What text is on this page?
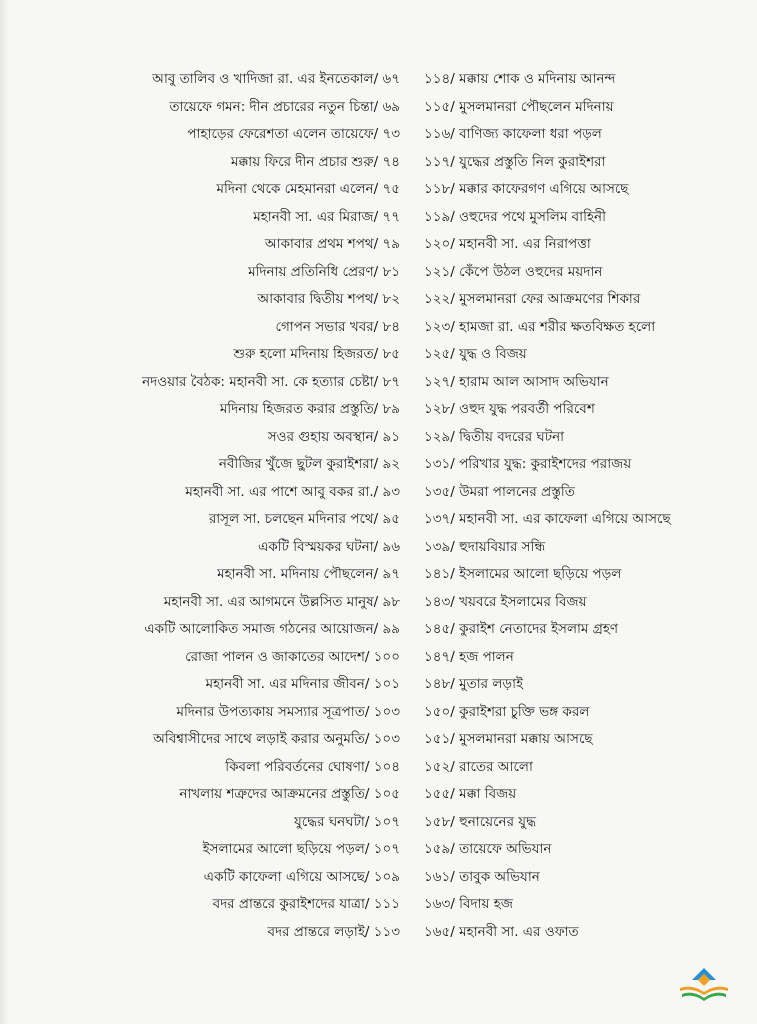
আবু তালিব ও খাদিজা রা. এর ইনতেকাল/ ৬৭
তায়েফে গমন: দীন প্রচারের নতুন চিন্তা/ ৬৯
পাহাড়ের ফেরেশতা এলেন তায়েফে/ ৭৩
মক্কায় ফিরে দীন প্রচার শুরু/ ৭৪
মদিনা থেকে মেহমানরা এলেন/ ৭৫
মহানবী সা. এর মিরাজ/ ৭৭
আকাবার প্রথম শপথ/ ৭৯
মদিনায় প্রতিনিধি প্রেরণ/ ৮১
আকাবার দ্বিতীয় শপথ/ ৮২
গোপন সভার খবর/ ৮৪
শুরু হলো মদিনায় হিজরত/ ৮৫
নদওয়ার বৈঠক: মহানবী সা. কে হত্যার চেষ্টা/ ৮৭
মদিনায় হিজরত করার প্রস্তুতি/ ৮৯
সওর গুহায় অবস্থান/ ৯১
নবীজির খুঁজে ছুটল কুরাইশরা/ ৯২
মহানবী সা. এর পাশে আবু বকর রা./ ৯৩
রাসূল সা. চলছেন মদিনার পথে/ ৯৫
একটি বিস্ময়কর ঘটনা/ ৯৬
মহানবী সা. মদিনায় পৌছলেন/ ৯৭
মহানবী সা. এর আগমনে উল্লসিত মানুষ/ ৯৮
একটি আলোকিত সমাজ গঠনের আয়োজন/ ৯৯
রোজা পালন ও জাকাতের আদেশ/ ১০০
মহানবী সা. এর মদিনার জীবন/ ১০১
মদিনার উপত্যকায় সমস্যার সূত্রপাত/ ১০৩
অবিশ্বাসীদের সাথে লড়াই করার অনুমতি/ ১০৩
কিবলা পরিবর্তনের ঘোষণা/ ১০৪
নাখলায় শত্রুদের আক্রমনের প্রস্তুতি/ ১০৫
যুদ্ধের ঘনঘটা/ ১০৭
ইসলামের আলো ছড়িয়ে পড়ল/ ১০৭
একটি কাফেলা এগিয়ে আসছে/ ১০৯
বদর প্রান্তরে কুরাইশদের যাত্রা/ ১১১
বদর প্রান্তরে লড়াই/ ১১৩
১১৪/ মক্কায় শোক ও মদিনায় আনন্দ
১১৫/ মুসলমানরা পৌছলেন মদিনায়
১১৬/ বাণিজ্য কাফেলা ধরা পড়ল
১১৭/ যুদ্ধের প্রস্তুতি নিল কুরাইশরা
১১৮/ মক্কার কাফেরগণ এগিয়ে আসছে
১১৯/ ওহুদের পথে মুসলিম বাহিনী
১২০/ মহানবী সা. এর নিরাপত্তা
১২১/ কেঁপে উঠল ওহুদের ময়দান
১২২/ মুসলমানরা ফের আক্রমণের শিকার
১২৩/ হামজা রা. এর শরীর ক্ষতবিক্ষত হলো
১২৫/ যুদ্ধ ও বিজয়
১২৭/ হারাম আল আসাদ অভিযান
১২৮/ ওহুদ যুদ্ধ পরবর্তী পরিবেশ
১২৯/ দ্বিতীয় বদরের ঘটনা
১৩১/ পরিখার যুদ্ধ: কুরাইশদের পরাজয়
১৩৫/ উমরা পালনের প্রস্তুতি
১৩৭/ মহানবী সা. এর কাফেলা এগিয়ে আসছে
১৩৯/ হুদায়বিয়ার সন্ধি
১৪১/ ইসলামের আলো ছড়িয়ে পড়ল
১৪৩/ খয়বরে ইসলামের বিজয়
১৪৫/ কুরাইশ নেতাদের ইসলাম গ্রহণ
১৪৭/ হজ পালন
১৪৮/ মুতার লড়াই
১৫০/ কুরাইশরা চুক্তি ভঙ্গ করল
১৫১/ মুসলমানরা মক্কায় আসছে
১৫২/ রাতের আলো
১৫৫/ মক্কা বিজয়
১৫৮/ হুনায়েনের যুদ্ধ
১৫৯/ তায়েফে অভিযান
১৬১/ তাবুক অভিযান
১৬৩/ বিদায় হজ
১৬৫/ মহানবী সা. এর ওফাত
